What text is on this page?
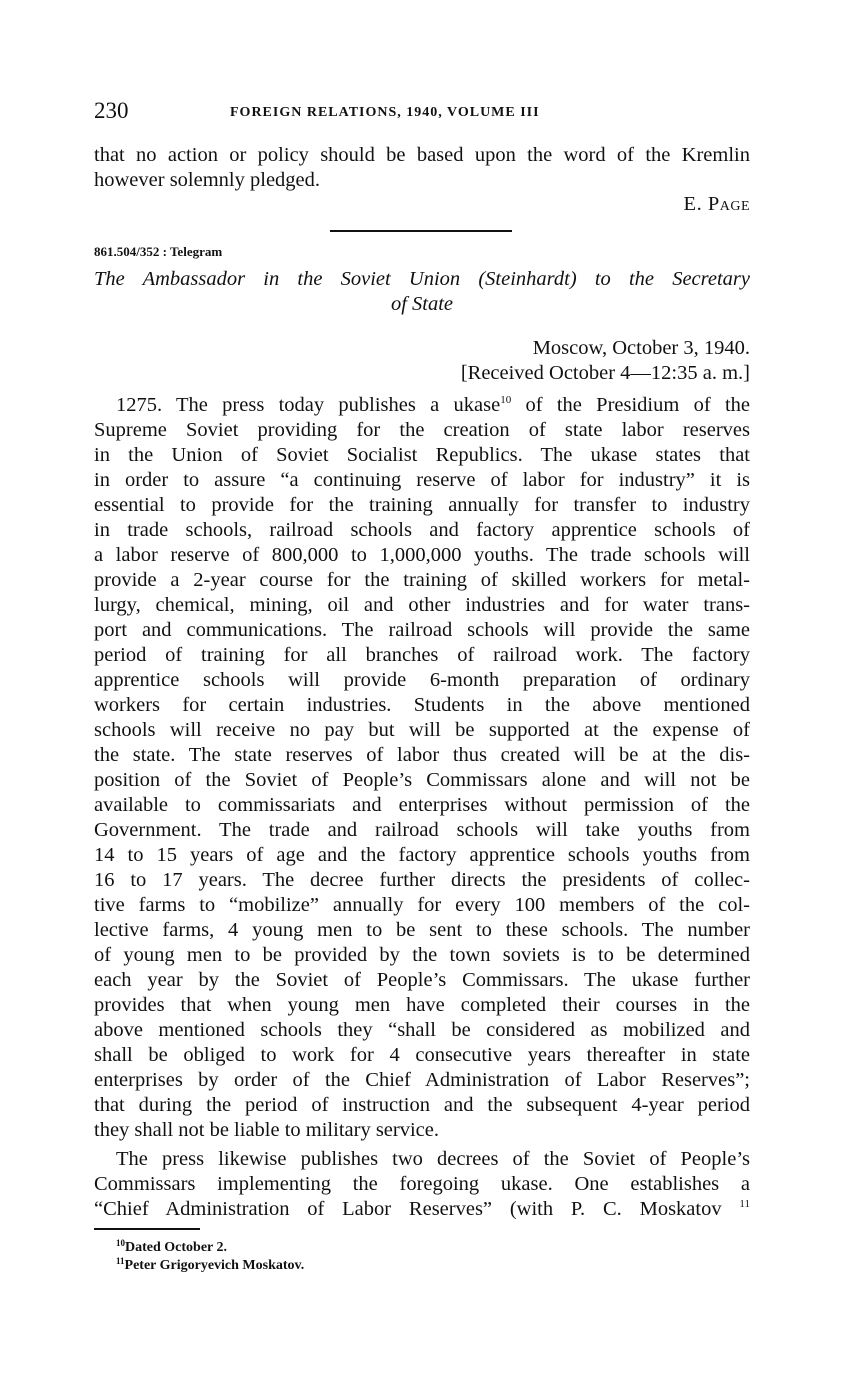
230	FOREIGN RELATIONS, 1940, VOLUME III
that no action or policy should be based upon the word of the Kremlin
however solemnly pledged.
E. Page
861.504/352 : Telegram
The Ambassador in the Soviet Union (Steinhardt) to the Secretary
of State
Moscow, October 3, 1940.
[Received October 4—12:35 a. m.]
1275. The press today publishes a ukase$^{10}$ of the Presidium of the
Supreme Soviet providing for the creation of state labor reserves
in the Union of Soviet Socialist Republics. The ukase states that
in order to assure “a continuing reserve of labor for industry” it is
essential to provide for the training annually for transfer to industry
in trade schools, railroad schools and factory apprentice schools of
a labor reserve of 800,000 to 1,000,000 youths. The trade schools will
provide a 2-year course for the training of skilled workers for metal-
lurgy, chemical, mining, oil and other industries and for water trans-
port and communications. The railroad schools will provide the same
period of training for all branches of railroad work. The factory
apprentice schools will provide 6-month preparation of ordinary
workers for certain industries. Students in the above mentioned
schools will receive no pay but will be supported at the expense of
the state. The state reserves of labor thus created will be at the dis-
position of the Soviet of People’s Commissars alone and will not be
available to commissariats and enterprises without permission of the
Government. The trade and railroad schools will take youths from
14 to 15 years of age and the factory apprentice schools youths from
16 to 17 years. The decree further directs the presidents of collec-
tive farms to “mobilize” annually for every 100 members of the col-
lective farms, 4 young men to be sent to these schools. The number
of young men to be provided by the town soviets is to be determined
each year by the Soviet of People’s Commissars. The ukase further
provides that when young men have completed their courses in the
above mentioned schools they “shall be considered as mobilized and
shall be obliged to work for 4 consecutive years thereafter in state
enterprises by order of the Chief Administration of Labor Reserves”;
that during the period of instruction and the subsequent 4-year period
they shall not be liable to military service.
The press likewise publishes two decrees of the Soviet of People’s
Commissars implementing the foregoing ukase. One establishes a
“Chief Administration of Labor Reserves” (with P. C. Moskatov $^{11}$
$^{10}$Dated October 2.
$^{11}$Peter Grigoryevich Moskatov.
